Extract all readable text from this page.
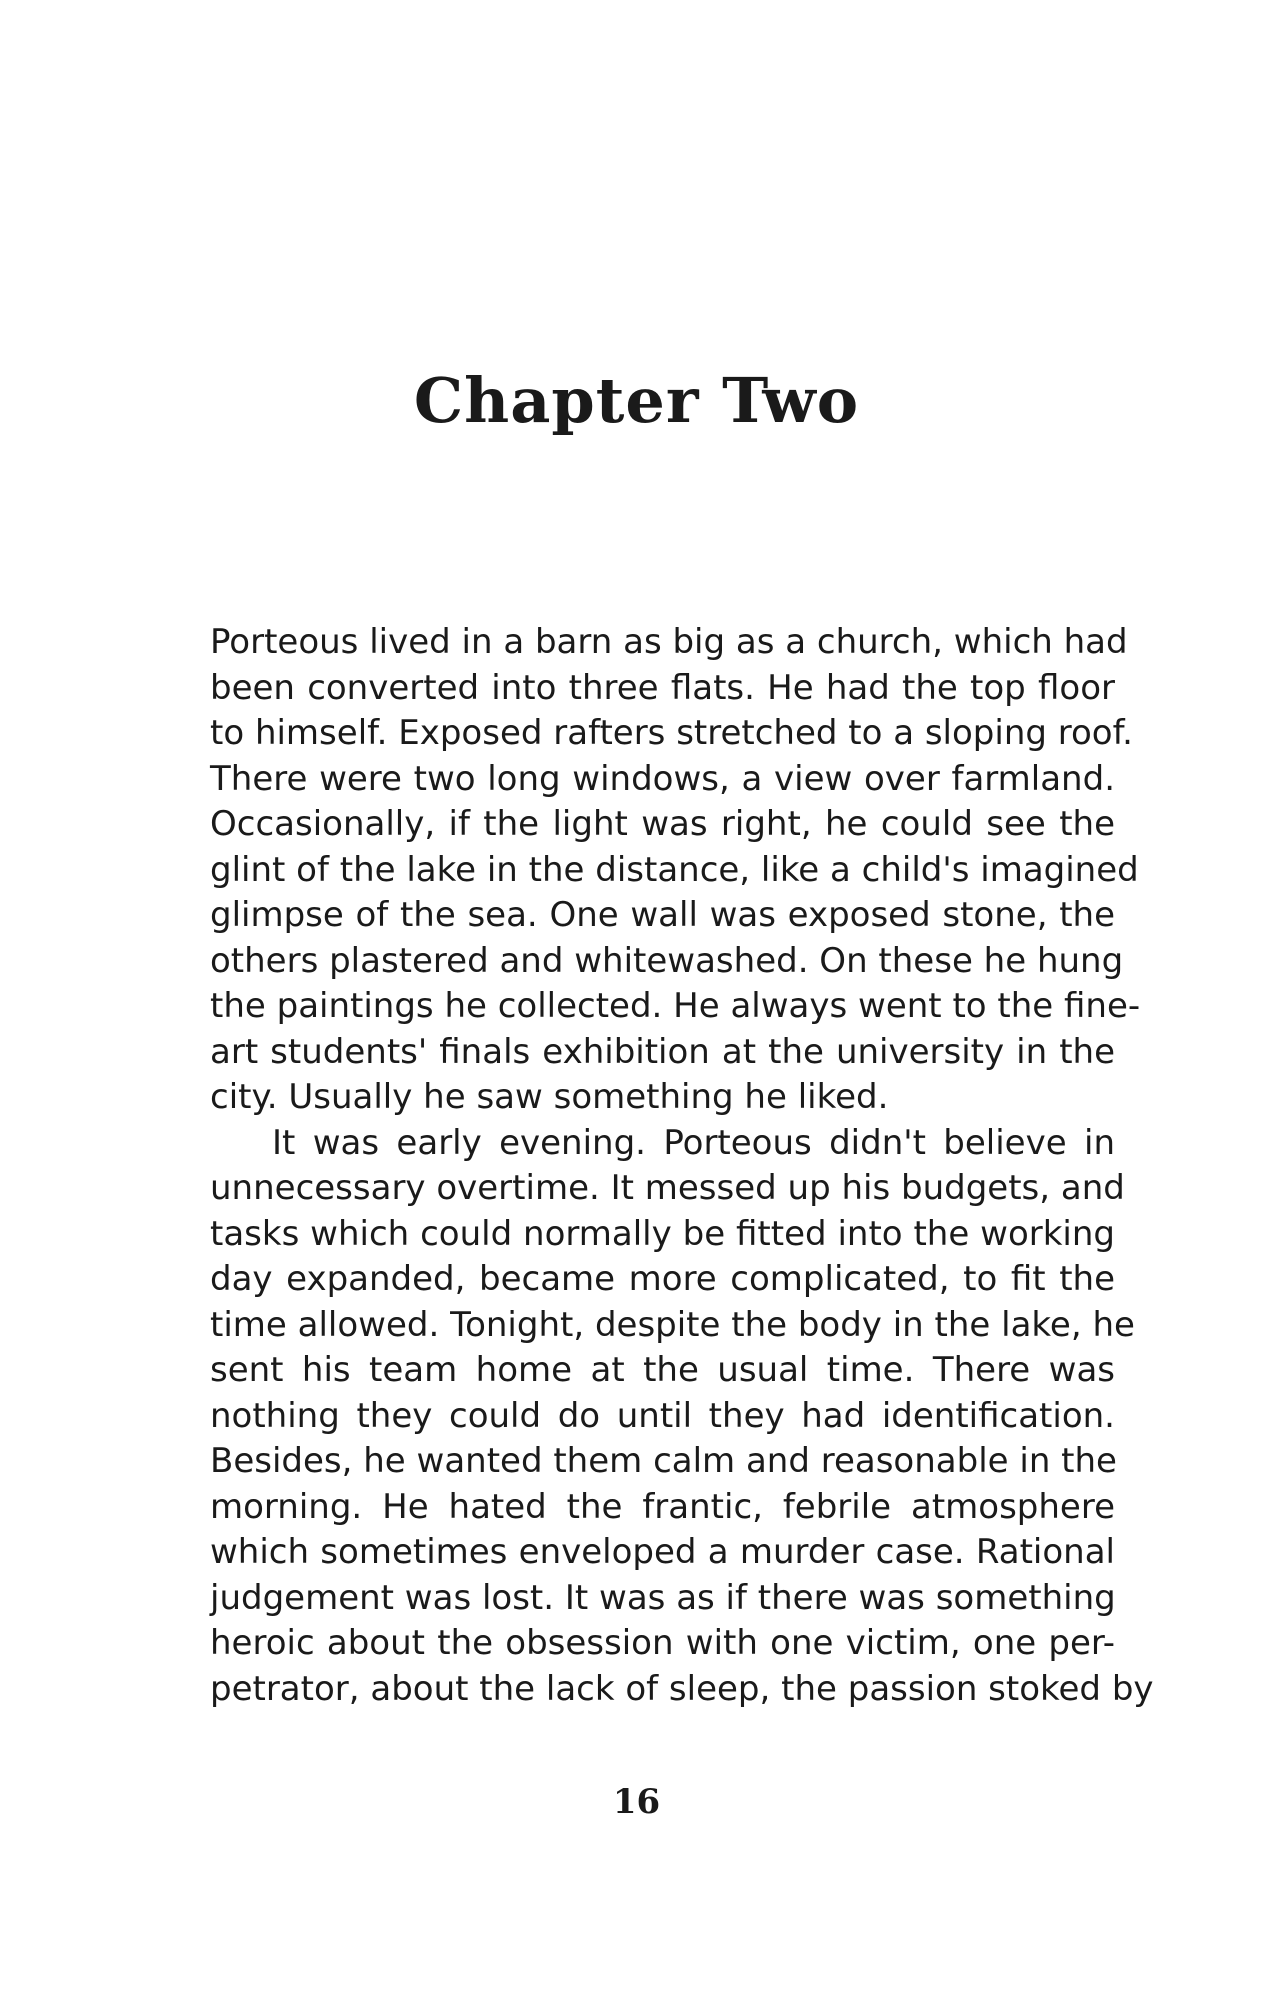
Chapter Two
Porteous lived in a barn as big as a church, which had
been converted into three flats. He had the top floor
to himself. Exposed rafters stretched to a sloping roof.
There were two long windows, a view over farmland.
Occasionally, if the light was right, he could see the
glint of the lake in the distance, like a child's imagined
glimpse of the sea. One wall was exposed stone, the
others plastered and whitewashed. On these he hung
the paintings he collected. He always went to the fine-
art students' finals exhibition at the university in the
city. Usually he saw something he liked.
It was early evening. Porteous didn't believe in
unnecessary overtime. It messed up his budgets, and
tasks which could normally be fitted into the working
day expanded, became more complicated, to fit the
time allowed. Tonight, despite the body in the lake, he
sent his team home at the usual time. There was
nothing they could do until they had identification.
Besides, he wanted them calm and reasonable in the
morning. He hated the frantic, febrile atmosphere
which sometimes enveloped a murder case. Rational
judgement was lost. It was as if there was something
heroic about the obsession with one victim, one per-
petrator, about the lack of sleep, the passion stoked by
16
